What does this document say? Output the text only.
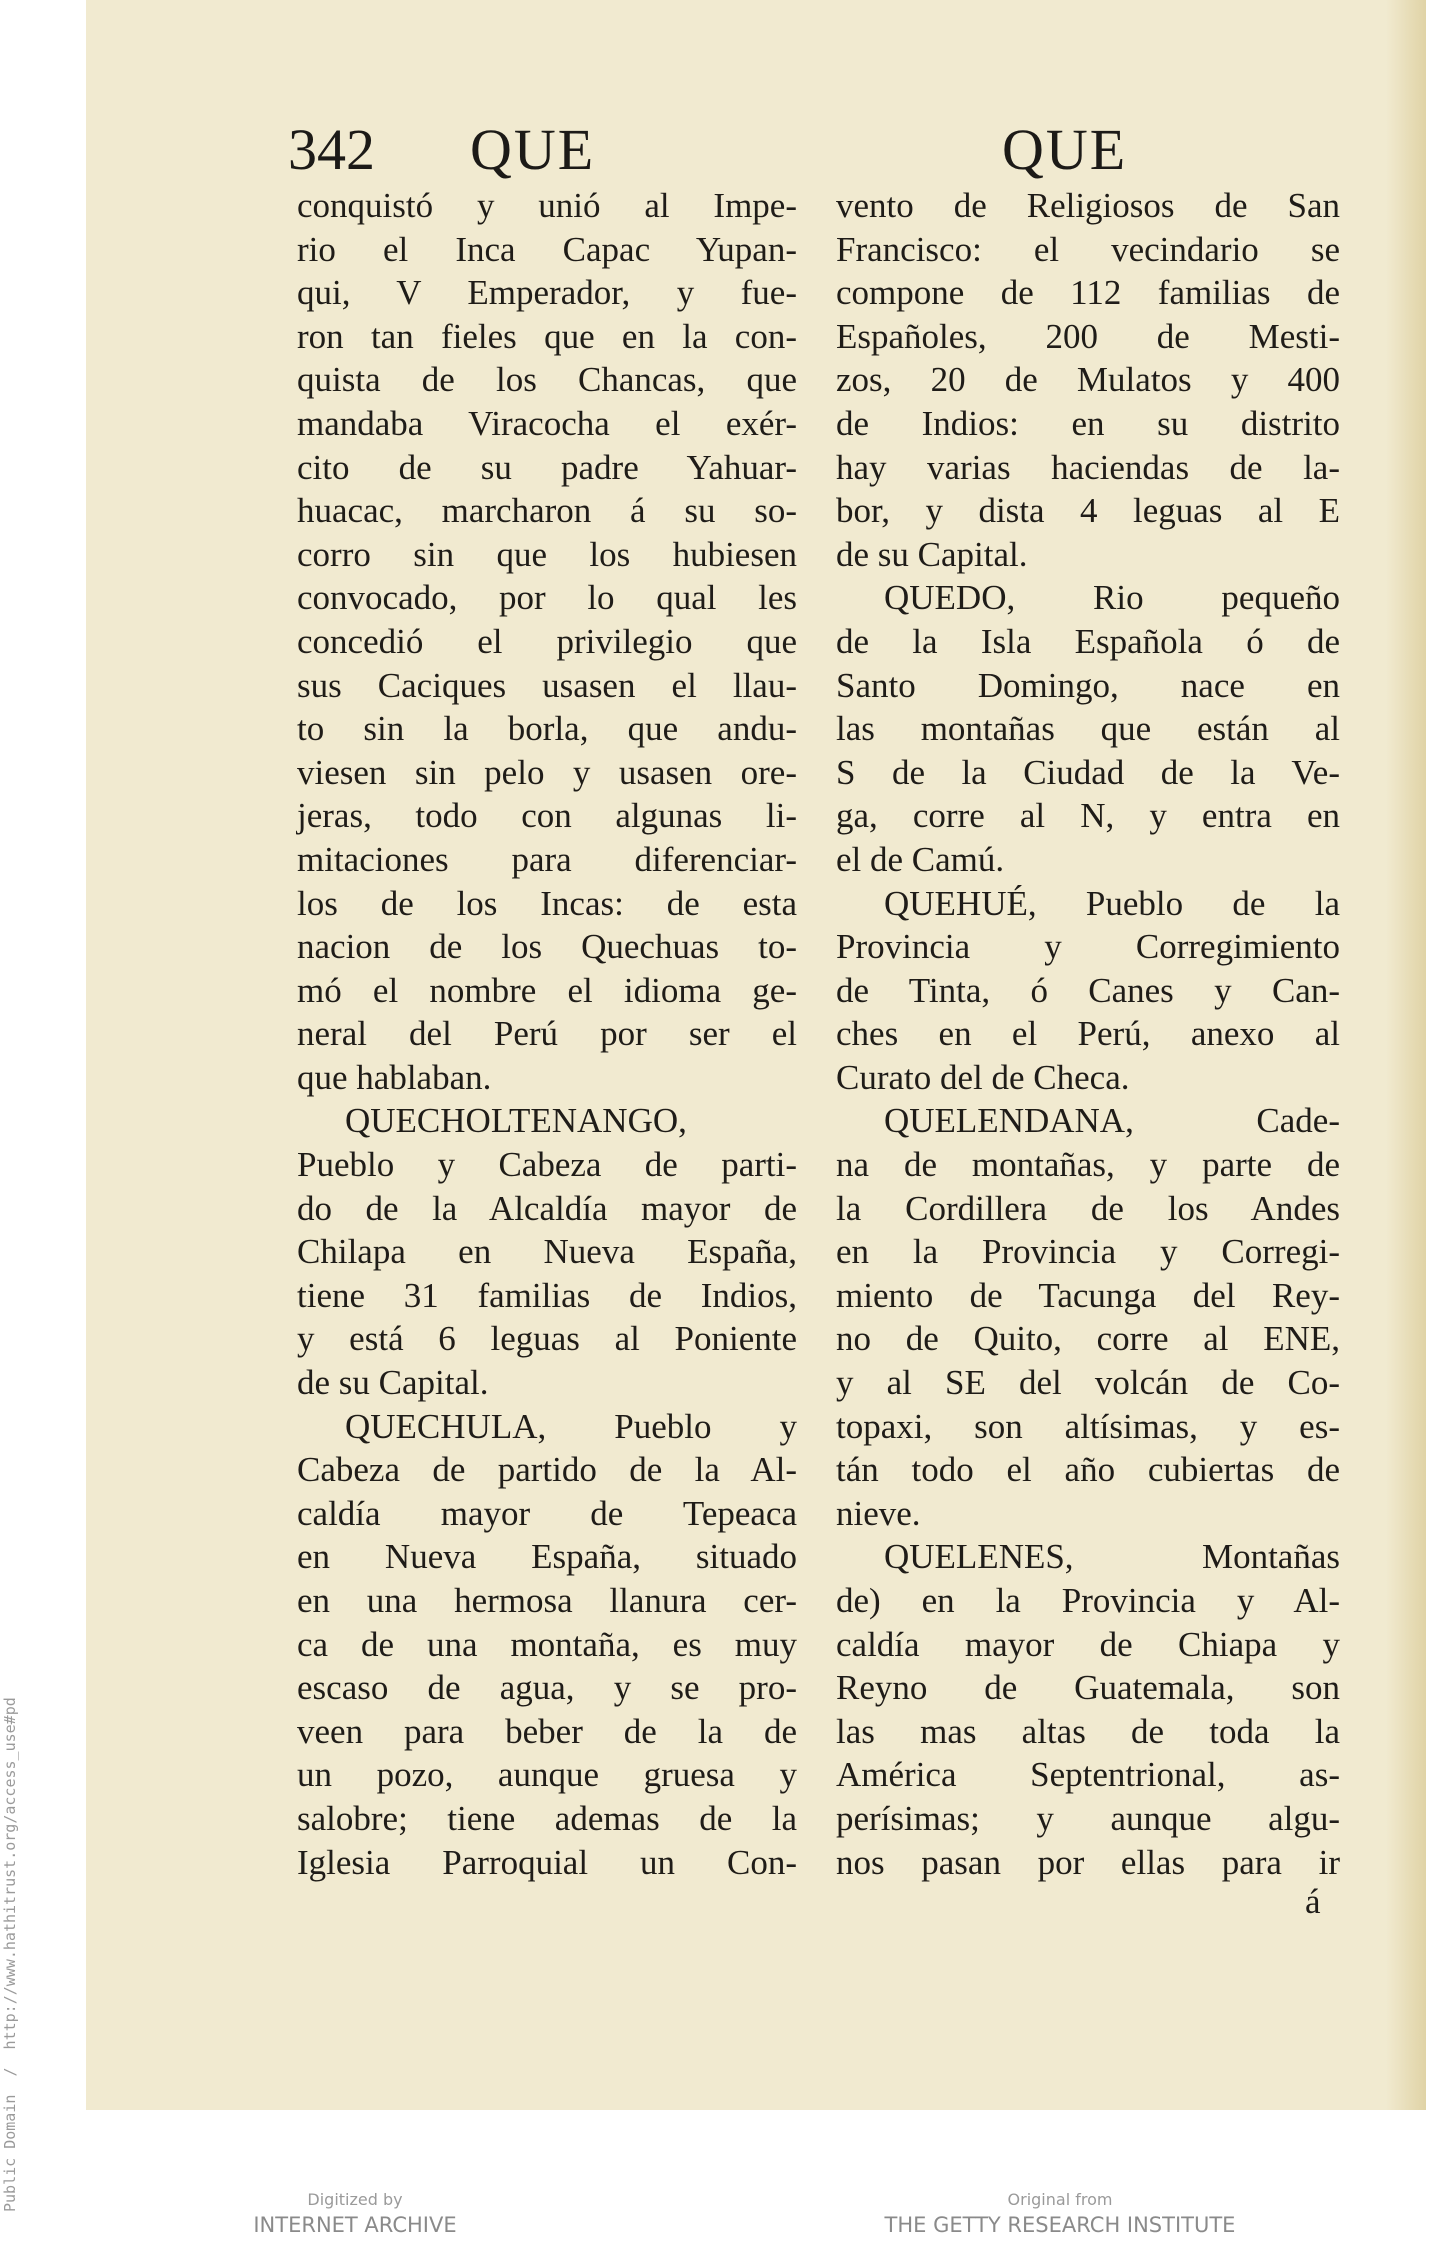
342 QUE	QUE
conquistó y unió al Impe-
rio el Inca Capac Yupan-
qui, V Emperador, y fue-
ron tan fieles que en la con-
quista de los Chancas, que
mandaba Viracocha el exér-
cito de su padre Yahuar-
huacac, marcharon á su so-
corro sin que los hubiesen
convocado, por lo qual les
concedió el privilegio que
sus Caciques usasen el llau-
to sin la borla, que andu-
viesen sin pelo y usasen ore-
jeras, todo con algunas li-
mitaciones para diferenciar-
los de los Incas: de esta
nacion de los Quechuas to-
mó el nombre el idioma ge-
neral del Perú por ser el
que hablaban.
QUECHOLTENANGO,
Pueblo y Cabeza de parti-
do de la Alcaldía mayor de
Chilapa en Nueva España,
tiene 31 familias de Indios,
y está 6 leguas al Poniente
de su Capital.
QUECHULA, Pueblo y
Cabeza de partido de la Al-
caldía mayor de Tepeaca
en Nueva España, situado
en una hermosa llanura cer-
ca de una montaña, es muy
escaso de agua, y se pro-
veen para beber de la de
un pozo, aunque gruesa y
salobre; tiene ademas de la
Iglesia Parroquial un Con-
vento de Religiosos de San
Francisco: el vecindario se
compone de 112 familias de
Españoles, 200 de Mesti-
zos, 20 de Mulatos y 400
de Indios: en su distrito
hay varias haciendas de la-
bor, y dista 4 leguas al E
de su Capital.
QUEDO, Rio pequeño
de la Isla Española ó de
Santo Domingo, nace en
las montañas que están al
S de la Ciudad de la Ve-
ga, corre al N, y entra en
el de Camú.
QUEHUÉ, Pueblo de la
Provincia y Corregimiento
de Tinta, ó Canes y Can-
ches en el Perú, anexo al
Curato del de Checa.
QUELENDANA, Cade-
na de montañas, y parte de
la Cordillera de los Andes
en la Provincia y Corregi-
miento de Tacunga del Rey-
no de Quito, corre al ENE,
y al SE del volcán de Co-
topaxi, son altísimas, y es-
tán todo el año cubiertas de
nieve.
QUELENES, Montañas
de) en la Provincia y Al-
caldía mayor de Chiapa y
Reyno de Guatemala, son
las mas altas de toda la
América Septentrional, as-
perísimas; y aunque algu-
nos pasan por ellas para ir
á

Public Domain  /  http://www.hathitrust.org/access_use#pd
Digitized by
INTERNET ARCHIVE
Original from
THE GETTY RESEARCH INSTITUTE
